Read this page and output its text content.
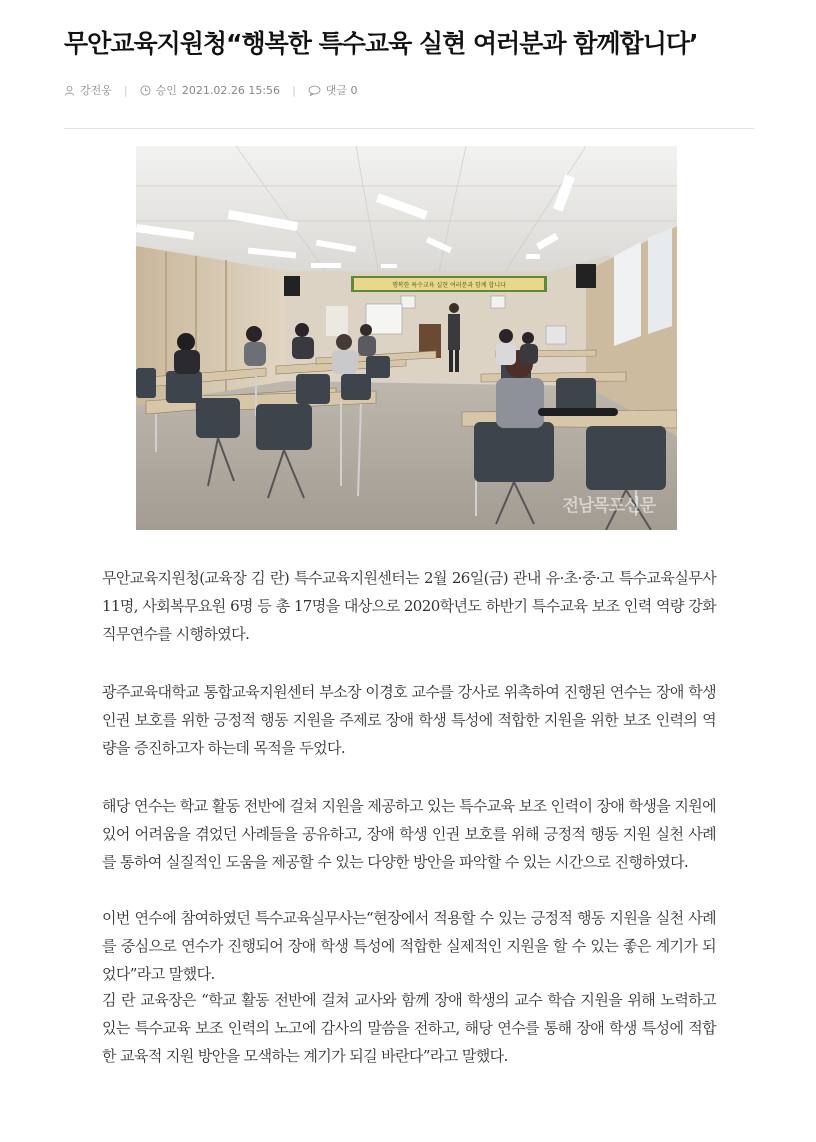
무안교육지원청“행복한 특수교육 실현 여러분과 함께합니다’
강전웅 |	승인 2021.02.26 15:56 |	댓글 0
행복한 특수교육 실현 여러분과 함께 합니다
전남목포신문

무안교육지원청(교육장 김 란) 특수교육지원센터는 2월 26일(금) 관내 유·초·중·고 특수교육실무사 11명, 사회복무요원 6명 등 총 17명을 대상으로 2020학년도 하반기 특수교육 보조 인력 역량 강화 직무연수를 시행하였다.

광주교육대학교 통합교육지원센터 부소장 이경호 교수를 강사로 위촉하여 진행된 연수는 장애 학생 인권 보호를 위한 긍정적 행동 지원을 주제로 장애 학생 특성에 적합한 지원을 위한 보조 인력의 역량을 증진하고자 하는데 목적을 두었다.

해당 연수는 학교 활동 전반에 걸쳐 지원을 제공하고 있는 특수교육 보조 인력이 장애 학생을 지원에 있어 어려움을 겪었던 사례들을 공유하고, 장애 학생 인권 보호를 위해 긍정적 행동 지원 실천 사례를 통하여 실질적인 도움을 제공할 수 있는 다양한 방안을 파악할 수 있는 시간으로 진행하였다.

이번 연수에 참여하였던 특수교육실무사는“현장에서 적용할 수 있는 긍정적 행동 지원을 실천 사례를 중심으로 연수가 진행되어 장애 학생 특성에 적합한 실제적인 지원을 할 수 있는 좋은 계기가 되었다”라고 말했다.

김 란 교육장은 “학교 활동 전반에 걸쳐 교사와 함께 장애 학생의 교수 학습 지원을 위해 노력하고 있는 특수교육 보조 인력의 노고에 감사의 말씀을 전하고, 해당 연수를 통해 장애 학생 특성에 적합한 교육적 지원 방안을 모색하는 계기가 되길 바란다”라고 말했다.
